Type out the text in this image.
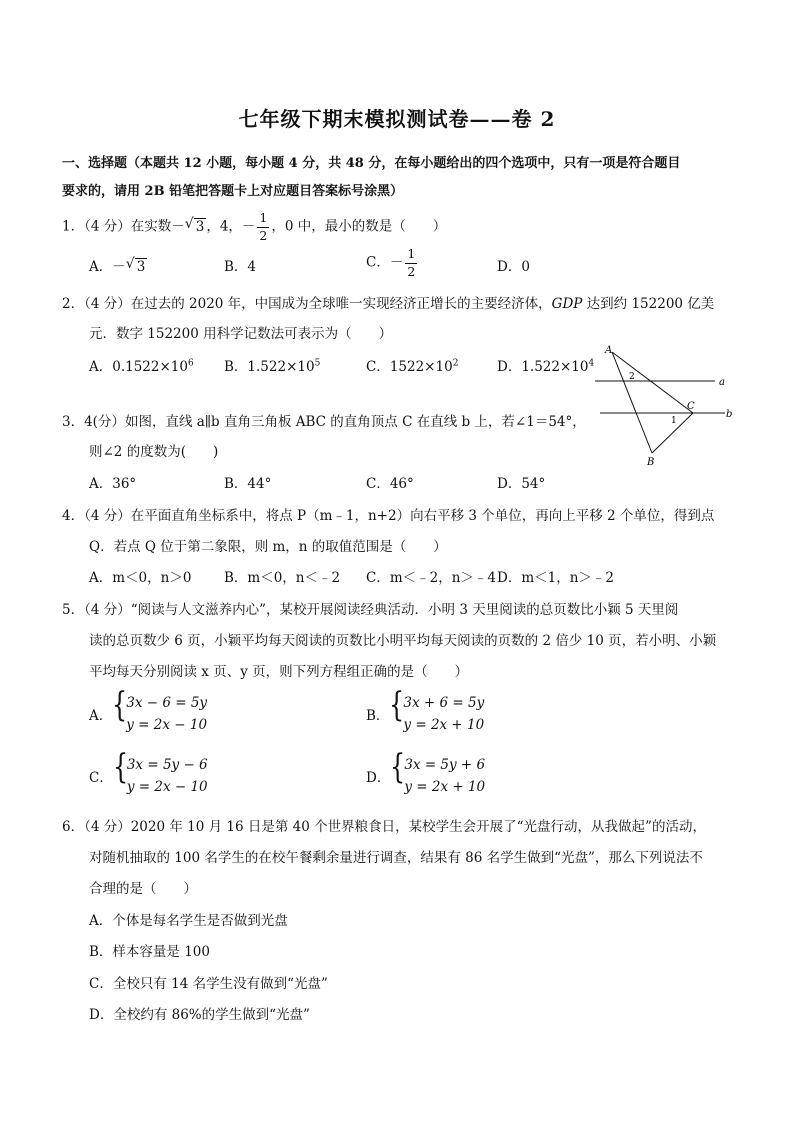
七年级下期末模拟测试卷——卷 2
一、选择题（本题共 12 小题，每小题 4 分，共 48 分，在每小题给出的四个选项中，只有一项是符合题目
要求的，请用 2B 铅笔把答题卡上对应题目答案标号涂黑）
1．（4 分）在实数－ √ 3 ，4，－ $\frac{1}{2}$ ，0 中，最小的数是（　　）
A．－ √ 3	B．4	C．－ $\frac{1}{2}$	D．0
2．（4 分）在过去的 2020 年，中国成为全球唯一实现经济正增长的主要经济体，GDP 达到约 152200 亿美
元．数字 152200 用科学记数法可表示为（　　）
A．$0.1522\times 10^6$ B．$1.522\times 10^5$	C．$1522\times 10^2$	D．$1.522\times 10^4$
A
B
C
a
b
2
1
3．4(分）如图，直线 a∥b 直角三角板 ABC 的直角顶点 C 在直线 b 上，若∠1＝54°，
则∠2 的度数为(　　)
A．36°	B．44°	C．46°	D．54°
4．（4 分）在平面直角坐标系中，将点 P（m﹣1，n+2）向右平移 3 个单位，再向上平移 2 个单位，得到点
Q．若点 Q 位于第二象限，则 m，n 的取值范围是（　　）
A．m＜0，n＞0 B．m＜0，n＜﹣2 C．m＜﹣2，n＞﹣4 D．m＜1，n＞﹣2
5．（4 分）“阅读与人文滋养内心”，某校开展阅读经典活动．小明 3 天里阅读的总页数比小颖 5 天里阅
读的总页数少 6 页，小颖平均每天阅读的页数比小明平均每天阅读的页数的 2 倍少 10 页，若小明、小颖
平均每天分别阅读 x 页、y 页，则下列方程组正确的是（　　）
A． {
3x − 6 = 5y
y = 2x − 10
B． {
3x + 6 = 5y
y = 2x + 10
C． {
3x = 5y − 6
y = 2x − 10
D． {
3x = 5y + 6
y = 2x + 10
6．（4 分）2020 年 10 月 16 日是第 40 个世界粮食日，某校学生会开展了“光盘行动，从我做起”的活动，
对随机抽取的 100 名学生的在校午餐剩余量进行调查，结果有 86 名学生做到“光盘”，那么下列说法不
合理的是（　　）
A．个体是每名学生是否做到光盘
B．样本容量是 100
C．全校只有 14 名学生没有做到“光盘”
D．全校约有 86%的学生做到“光盘”
